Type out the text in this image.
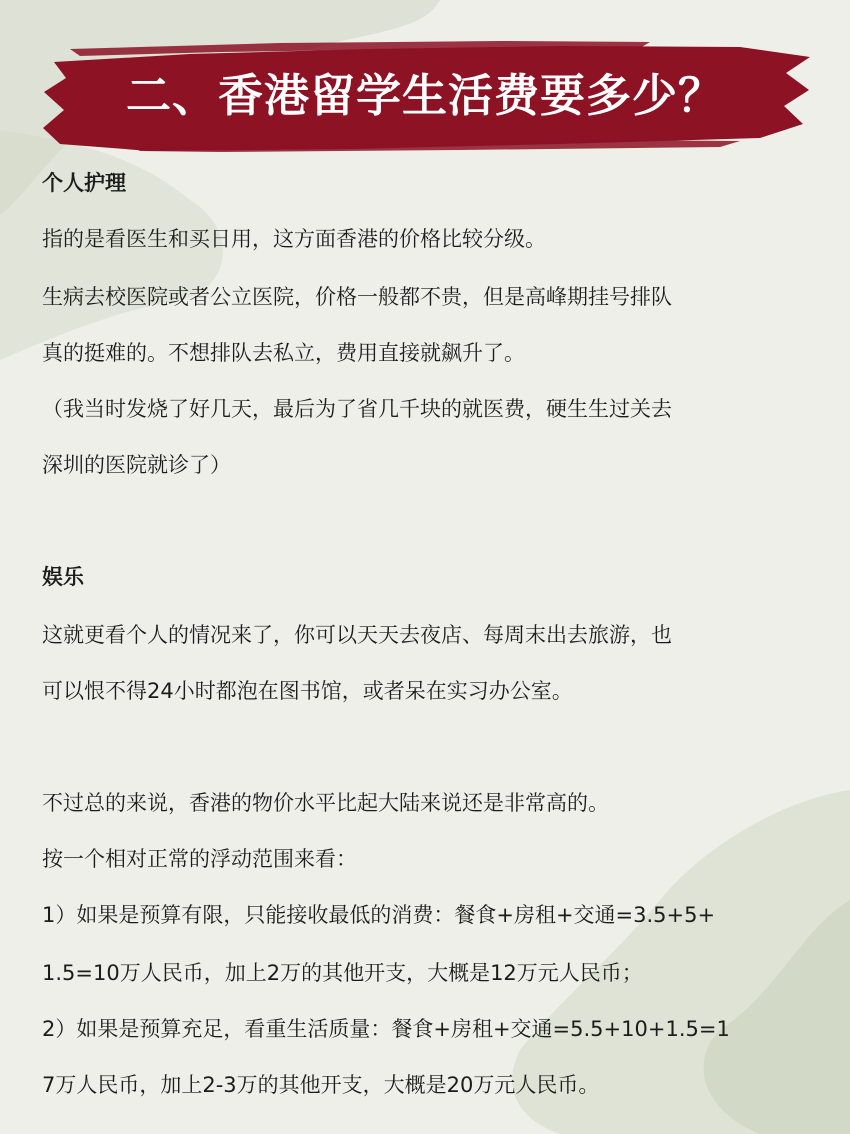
二、香港留学生活费要多少？
个人护理
指的是看医生和买日用，这方面香港的价格比较分级。
生病去校医院或者公立医院，价格一般都不贵，但是高峰期挂号排队
真的挺难的。不想排队去私立，费用直接就飙升了。
（我当时发烧了好几天，最后为了省几千块的就医费，硬生生过关去
深圳的医院就诊了）
娱乐
这就更看个人的情况来了，你可以天天去夜店、每周末出去旅游，也
可以恨不得24小时都泡在图书馆，或者呆在实习办公室。
不过总的来说，香港的物价水平比起大陆来说还是非常高的。
按一个相对正常的浮动范围来看：
1）如果是预算有限，只能接收最低的消费：餐食+房租+交通=3.5+5+
1.5=10万人民币，加上2万的其他开支，大概是12万元人民币；
2）如果是预算充足，看重生活质量：餐食+房租+交通=5.5+10+1.5=1
7万人民币，加上2-3万的其他开支，大概是20万元人民币。
